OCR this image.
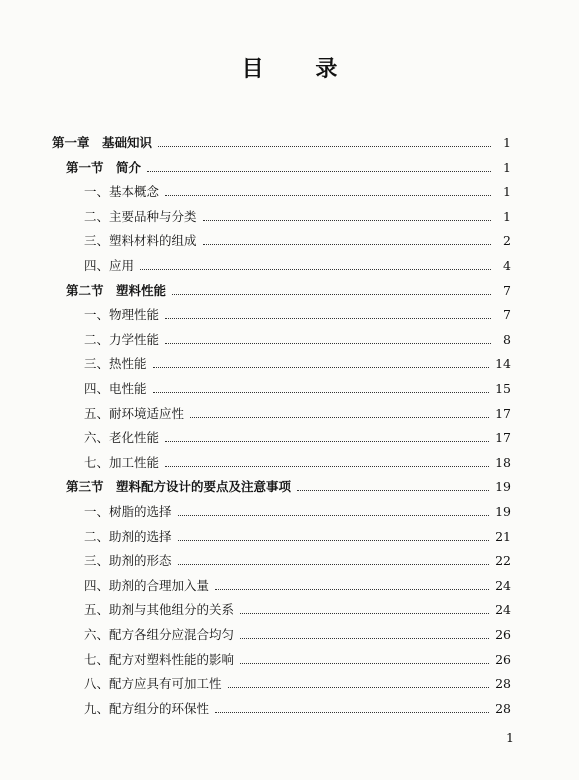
目 录
第一章　基础知识	1
第一节　简介	1
一、基本概念	1
二、主要品种与分类	1
三、塑料材料的组成	2
四、应用	4
第二节　塑料性能	7
一、物理性能	7
二、力学性能	8
三、热性能	14
四、电性能	15
五、耐环境适应性	17
六、老化性能	17
七、加工性能	18
第三节　塑料配方设计的要点及注意事项	19
一、树脂的选择	19
二、助剂的选择	21
三、助剂的形态	22
四、助剂的合理加入量	24
五、助剂与其他组分的关系	24
六、配方各组分应混合均匀	26
七、配方对塑料性能的影响	26
八、配方应具有可加工性	28
九、配方组分的环保性	28
1
